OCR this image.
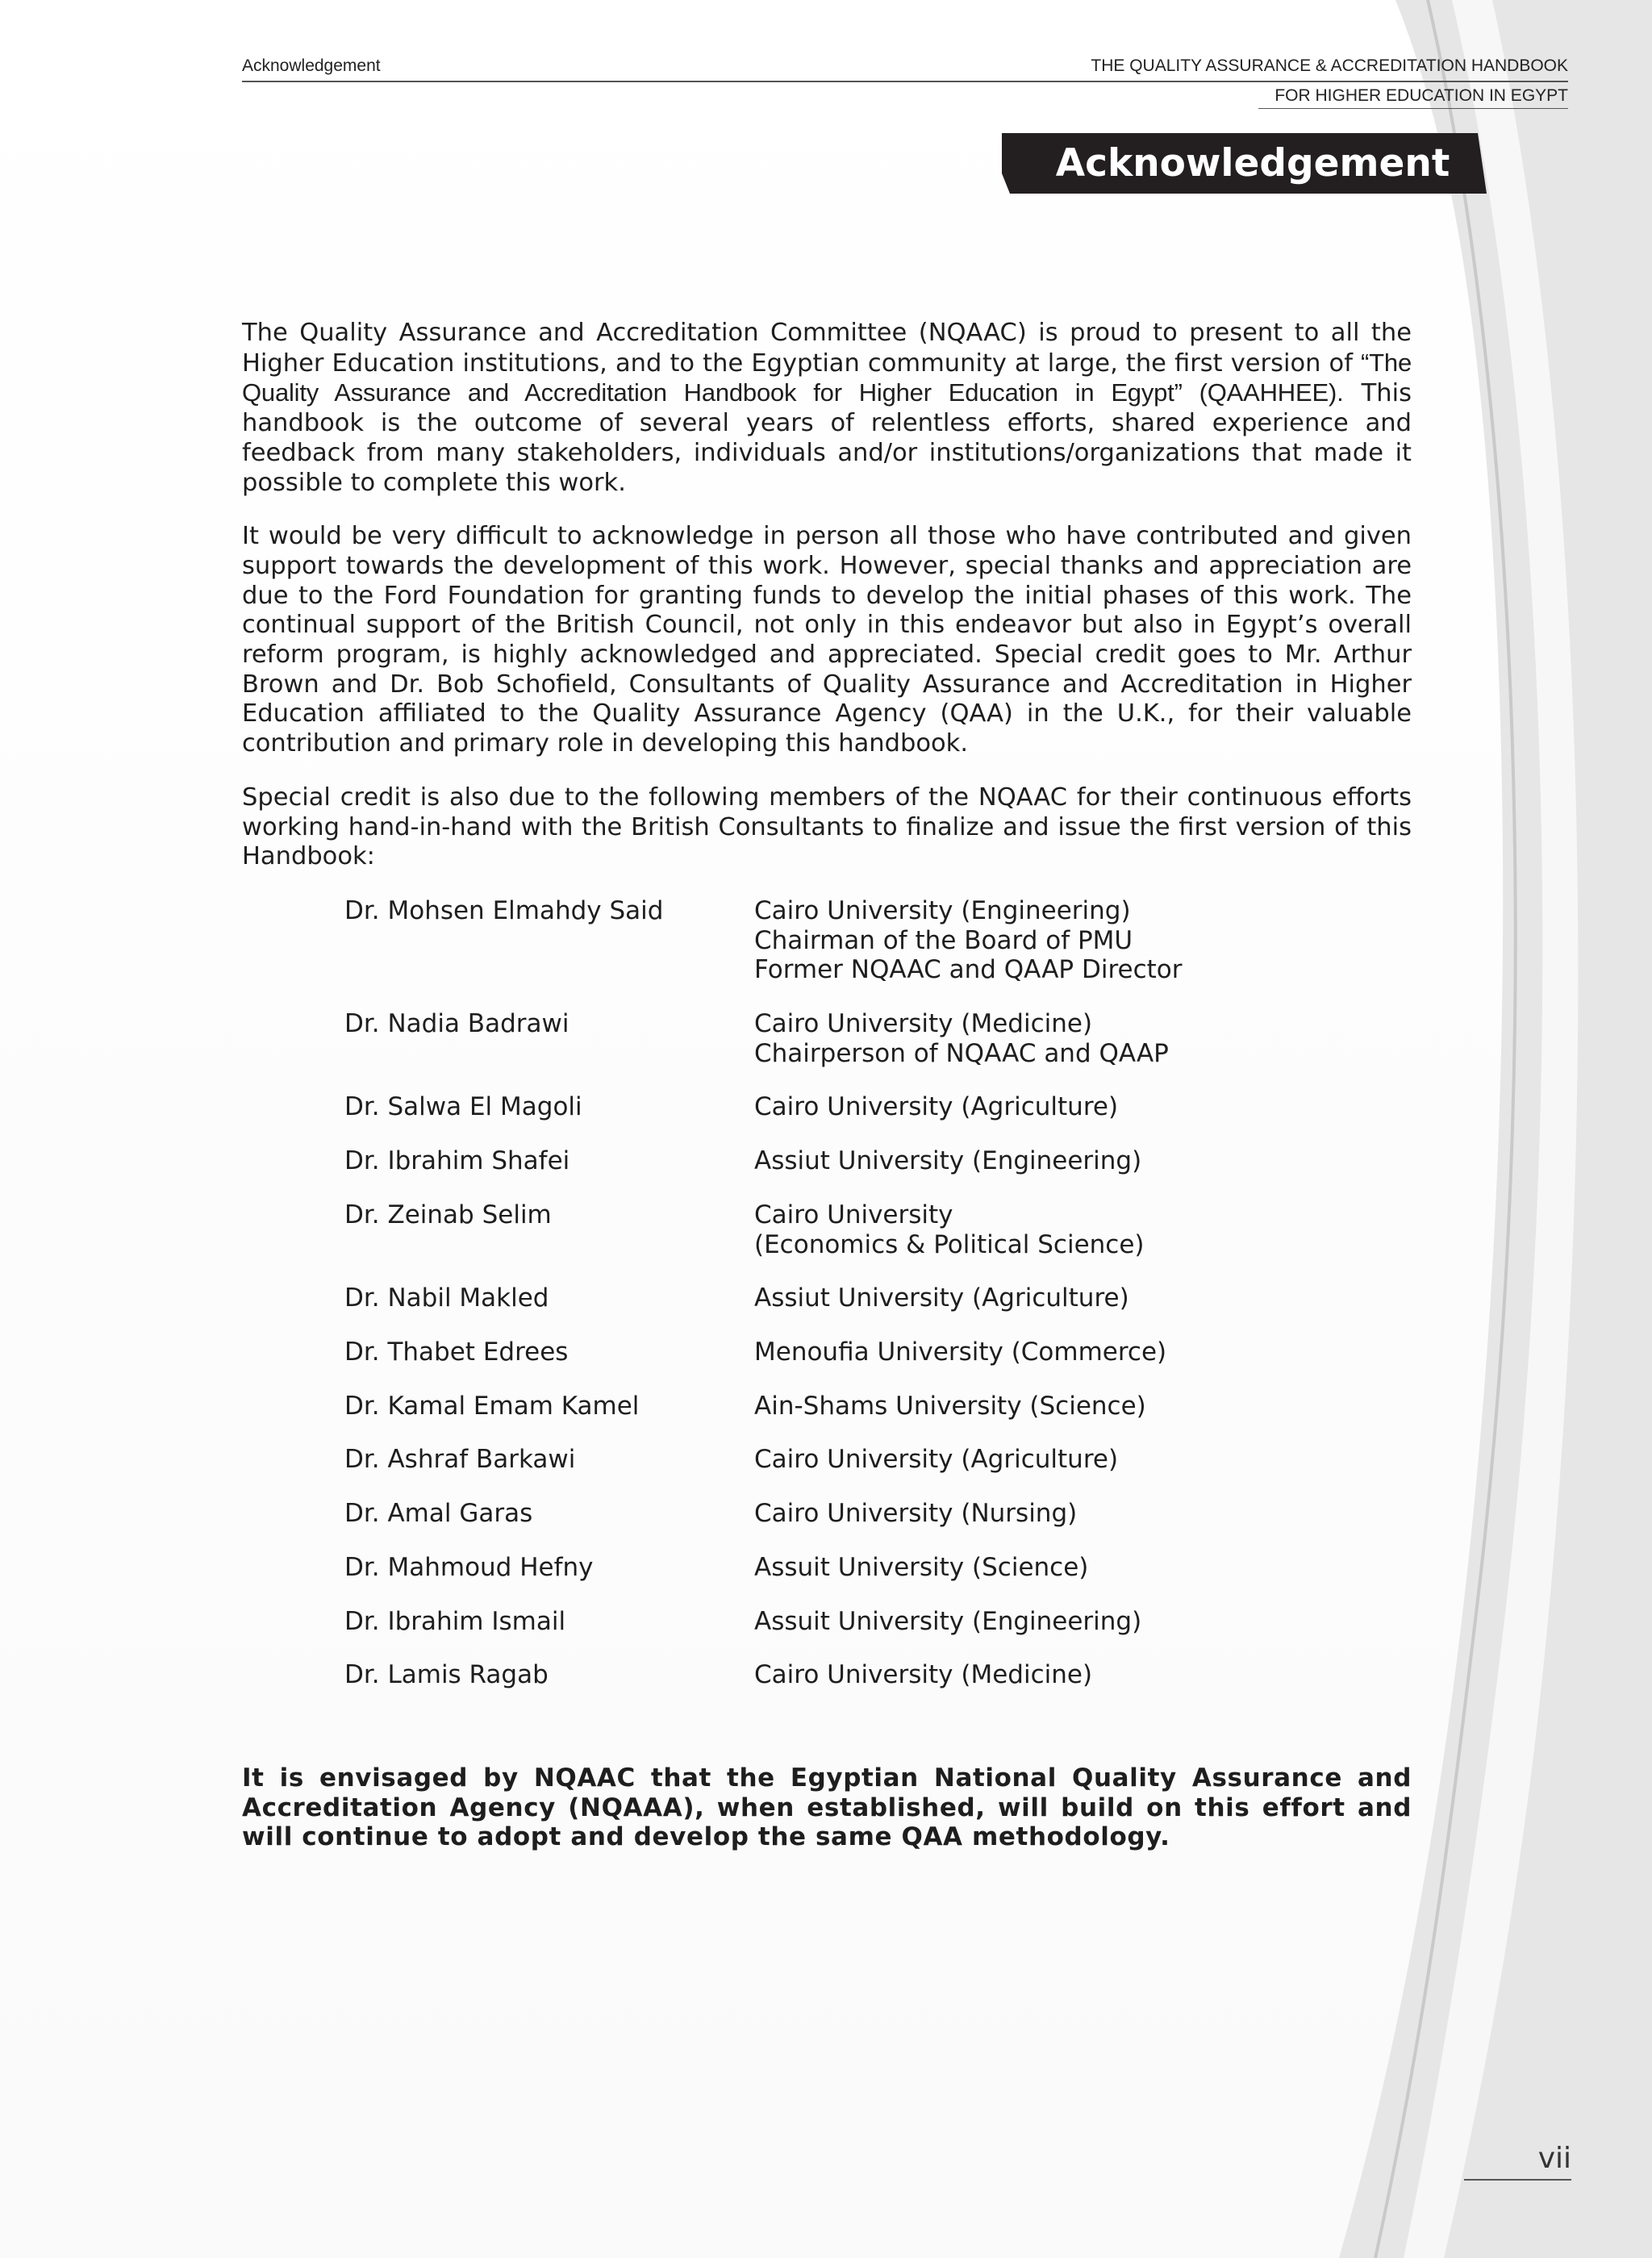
Acknowledgement	THE QUALITY ASSURANCE & ACCREDITATION HANDBOOK
FOR HIGHER EDUCATION IN EGYPT
Acknowledgement

The Quality Assurance and Accreditation Committee (NQAAC) is proud to present to all the Higher Education institutions, and to the Egyptian community at large, the first version of “The Quality Assurance and Accreditation Handbook for Higher Education in Egypt” (QAAHHEE). This handbook is the outcome of several years of relentless efforts, shared experience and feedback from many stakeholders, individuals and/or institutions/organizations that made it possible to complete this work.

It would be very difficult to acknowledge in person all those who have contributed and given support towards the development of this work. However, special thanks and appreciation are due to the Ford Foundation for granting funds to develop the initial phases of this work. The continual support of the British Council, not only in this endeavor but also in Egypt’s overall reform program, is highly acknowledged and appreciated. Special credit goes to Mr. Arthur Brown and Dr. Bob Schofield, Consultants of Quality Assurance and Accreditation in Higher Education affiliated to the Quality Assurance Agency (QAA) in the U.K., for their valuable contribution and primary role in developing this handbook.

Special credit is also due to the following members of the NQAAC for their continuous efforts working hand-in-hand with the British Consultants to finalize and issue the first version of this Handbook:

Dr. Mohsen Elmahdy Said	Cairo University (Engineering)
Chairman of the Board of PMU
Former NQAAC and QAAP Director
Dr. Nadia Badrawi	Cairo University (Medicine)
Chairperson of NQAAC and QAAP
Dr. Salwa El Magoli	Cairo University (Agriculture)
Dr. Ibrahim Shafei	Assiut University (Engineering)
Dr. Zeinab Selim	Cairo University
(Economics & Political Science)
Dr. Nabil Makled	Assiut University (Agriculture)
Dr. Thabet Edrees	Menoufia University (Commerce)
Dr. Kamal Emam Kamel	Ain-Shams University (Science)
Dr. Ashraf Barkawi	Cairo University (Agriculture)
Dr. Amal Garas	Cairo University (Nursing)
Dr. Mahmoud Hefny	Assuit University (Science)
Dr. Ibrahim Ismail	Assuit University (Engineering)
Dr. Lamis Ragab	Cairo University (Medicine)
It is envisaged by NQAAC that the Egyptian National Quality Assurance and Accreditation Agency (NQAAA), when established, will build on this effort and will continue to adopt and develop the same QAA methodology.
vii
